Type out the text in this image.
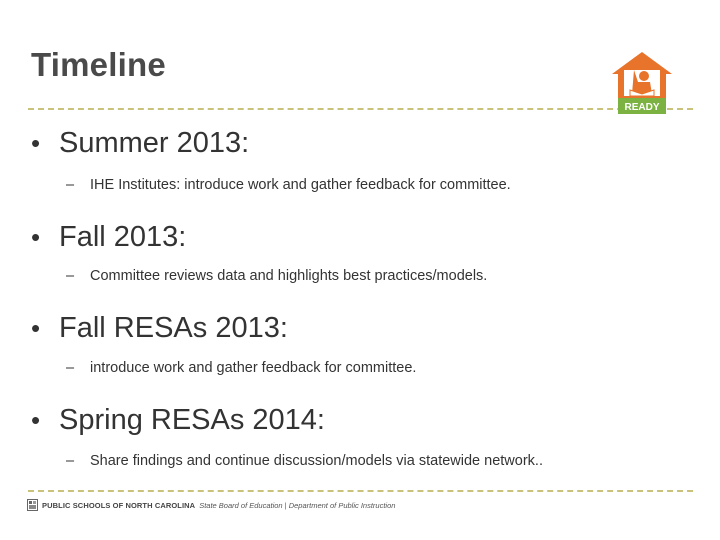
Timeline
READY
• Summer 2013:
– IHE Institutes: introduce work and gather feedback for committee.
• Fall 2013:
– Committee reviews data and highlights best practices/models.
• Fall RESAs 2013:
– introduce work and gather feedback for committee.
• Spring RESAs 2014:
– Share findings and continue discussion/models via statewide network..
PUBLIC SCHOOLS OF NORTH CAROLINA State Board of Education | Department of Public Instruction
